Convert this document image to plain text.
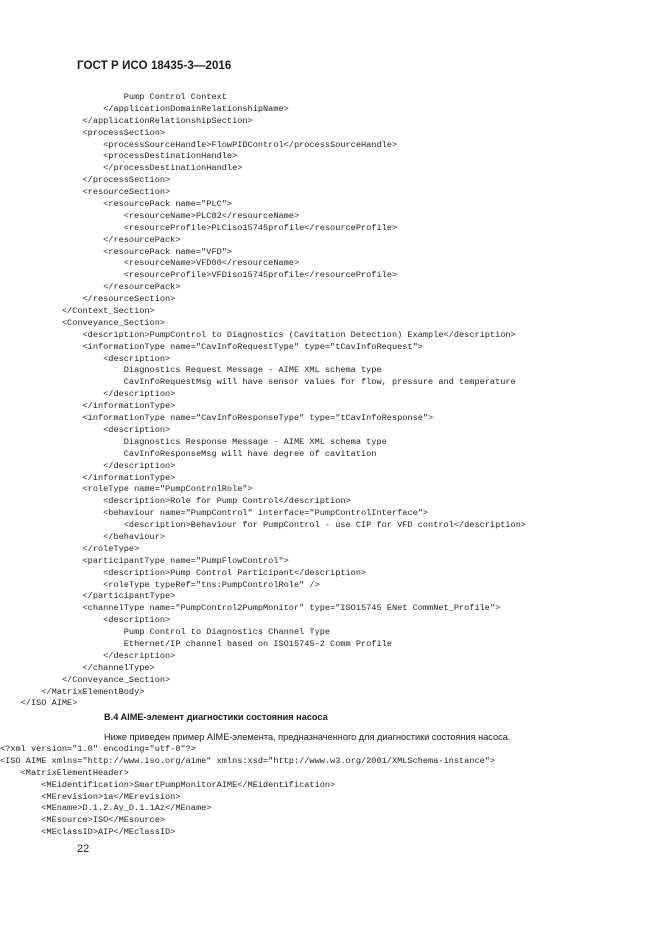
ГОСТ Р ИСО 18435-3—2016
Pump Control Context
</applicationDomainRelationshipName>
</applicationRelationshipSection>
<processSection>
<processSourceHandle>FlowPIDControl</processSourceHandle>
<processDestinationHandle>
</processDestinationHandle>
</processSection>
<resourceSection>
<resourcePack name="PLC">
<resourceName>PLC02</resourceName>
<resourceProfile>PLCiso15745profile</resourceProfile>
</resourcePack>
<resourcePack name="VFD">
<resourceName>VFD00</resourceName>
<resourceProfile>VFDiso15745profile</resourceProfile>
</resourcePack>
</resourceSection>
</Context_Section>
<Conveyance_Section>
<description>PumpControl to Diagnostics (Cavitation Detection) Example</description>
<informationType name="CavInfoRequestType" type="tCavInfoRequest">
<description>
Diagnostics Request Message - AIME XML schema type
CavInfoRequestMsg will have sensor values for flow, pressure and temperature
</description>
</informationType>
<informationType name="CavInfoResponseType" type="tCavInfoResponse">
<description>
Diagnostics Response Message - AIME XML schema type
CavInfoResponseMsg will have degree of cavitation
</description>
</informationType>
<roleType name="PumpControlRole">
<description>Role for Pump Control</description>
<behaviour name="PumpControl" interface="PumpControlInterface">
<description>Behaviour for PumpControl - use CIP for VFD control</description>
</behaviour>
</roleType>
<participantType name="PumpFlowControl">
<description>Pump Control Participant</description>
<roleType typeRef="tns:PumpControlRole" />
</participantType>
<channelType name="PumpControl2PumpMonitor" type="ISO15745 ENet CommNet_Profile">
<description>
Pump Control to Diagnostics Channel Type
Ethernet/IP channel based on ISO15745-2 Comm Profile
</description>
</channelType>
</Conveyance_Section>
</MatrixElementBody>
</ISO AIME>
B.4 AIME-элемент диагностики состояния насоса
Ниже приведен пример AIME-элемента, предназначенного для диагностики состояния насоса.
<?xml version="1.0" encoding="utf-8"?>
<ISO AIME xmlns="http://www.iso.org/aime" xmlns:xsd="http://www.w3.org/2001/XMLSchema-instance">
<MatrixElementHeader>
<MEidentification>SmartPumpMonitorAIME</MEidentification>
<MErevision>1a</MErevision>
<MEname>D.1.2.Ay_D.1.1Az</MEname>
<MEsource>ISO</MEsource>
<MEclassID>AIP</MEclassID>
22
